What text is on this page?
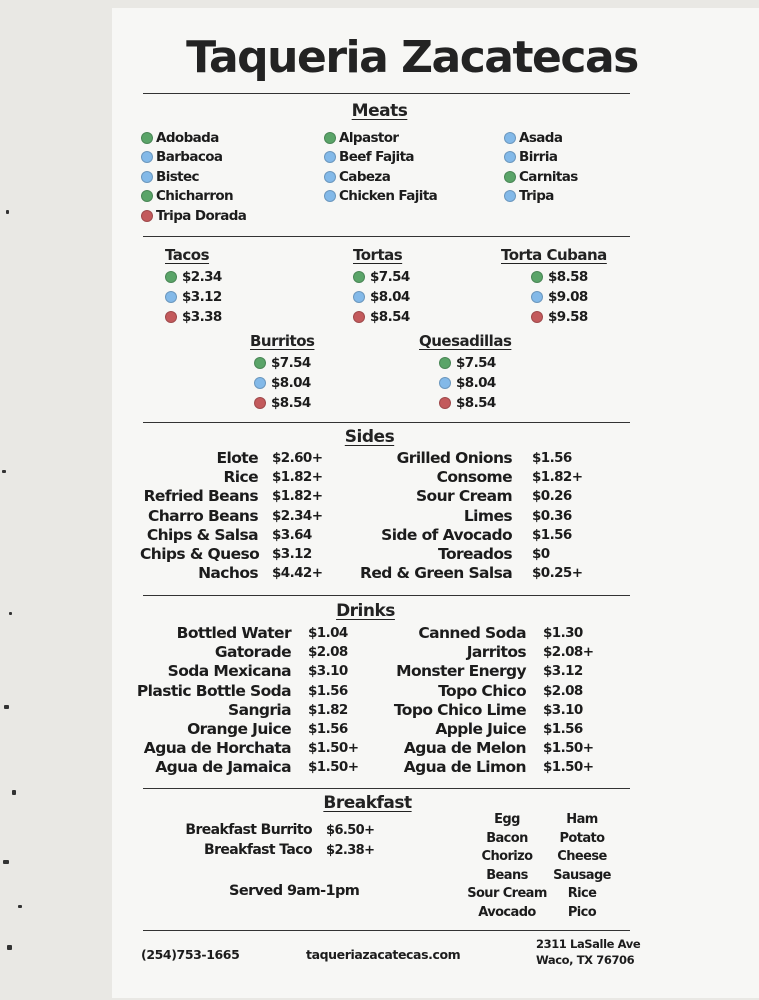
Taqueria Zacatecas
Meats
Adobada
Barbacoa
Bistec
Chicharron
Tripa Dorada
Alpastor
Beef Fajita
Cabeza
Chicken Fajita
Asada
Birria
Carnitas
Tripa
Tacos
$2.34
$3.12
$3.38
Tortas
$7.54
$8.04
$8.54
Torta Cubana
$8.58
$9.08
$9.58
Burritos
$7.54
$8.04
$8.54
Quesadillas
$7.54
$8.04
$8.54
Sides
Elote $2.60+
Rice $1.82+
Refried Beans $1.82+
Charro Beans $2.34+
Chips & Salsa $3.64
Chips & Queso $3.12
Nachos $4.42+
Grilled Onions $1.56
Consome $1.82+
Sour Cream $0.26
Limes $0.36
Side of Avocado $1.56
Toreados $0
Red & Green Salsa $0.25+
Drinks
Bottled Water $1.04
Gatorade $2.08
Soda Mexicana $3.10
Plastic Bottle Soda $1.56
Sangria $1.82
Orange Juice $1.56
Agua de Horchata $1.50+
Agua de Jamaica $1.50+
Canned Soda $1.30
Jarritos $2.08+
Monster Energy $3.12
Topo Chico $2.08
Topo Chico Lime $3.10
Apple Juice $1.56
Agua de Melon $1.50+
Agua de Limon $1.50+
Breakfast
Breakfast Burrito $6.50+
Breakfast Taco $2.38+
Served 9am-1pm
Egg	Ham
Bacon	Potato
Chorizo	Cheese
Beans	Sausage
Sour Cream	Rice
Avocado	Pico
(254)753-1665	taqueriazacatecas.com
2311 LaSalle Ave
Waco, TX 76706
